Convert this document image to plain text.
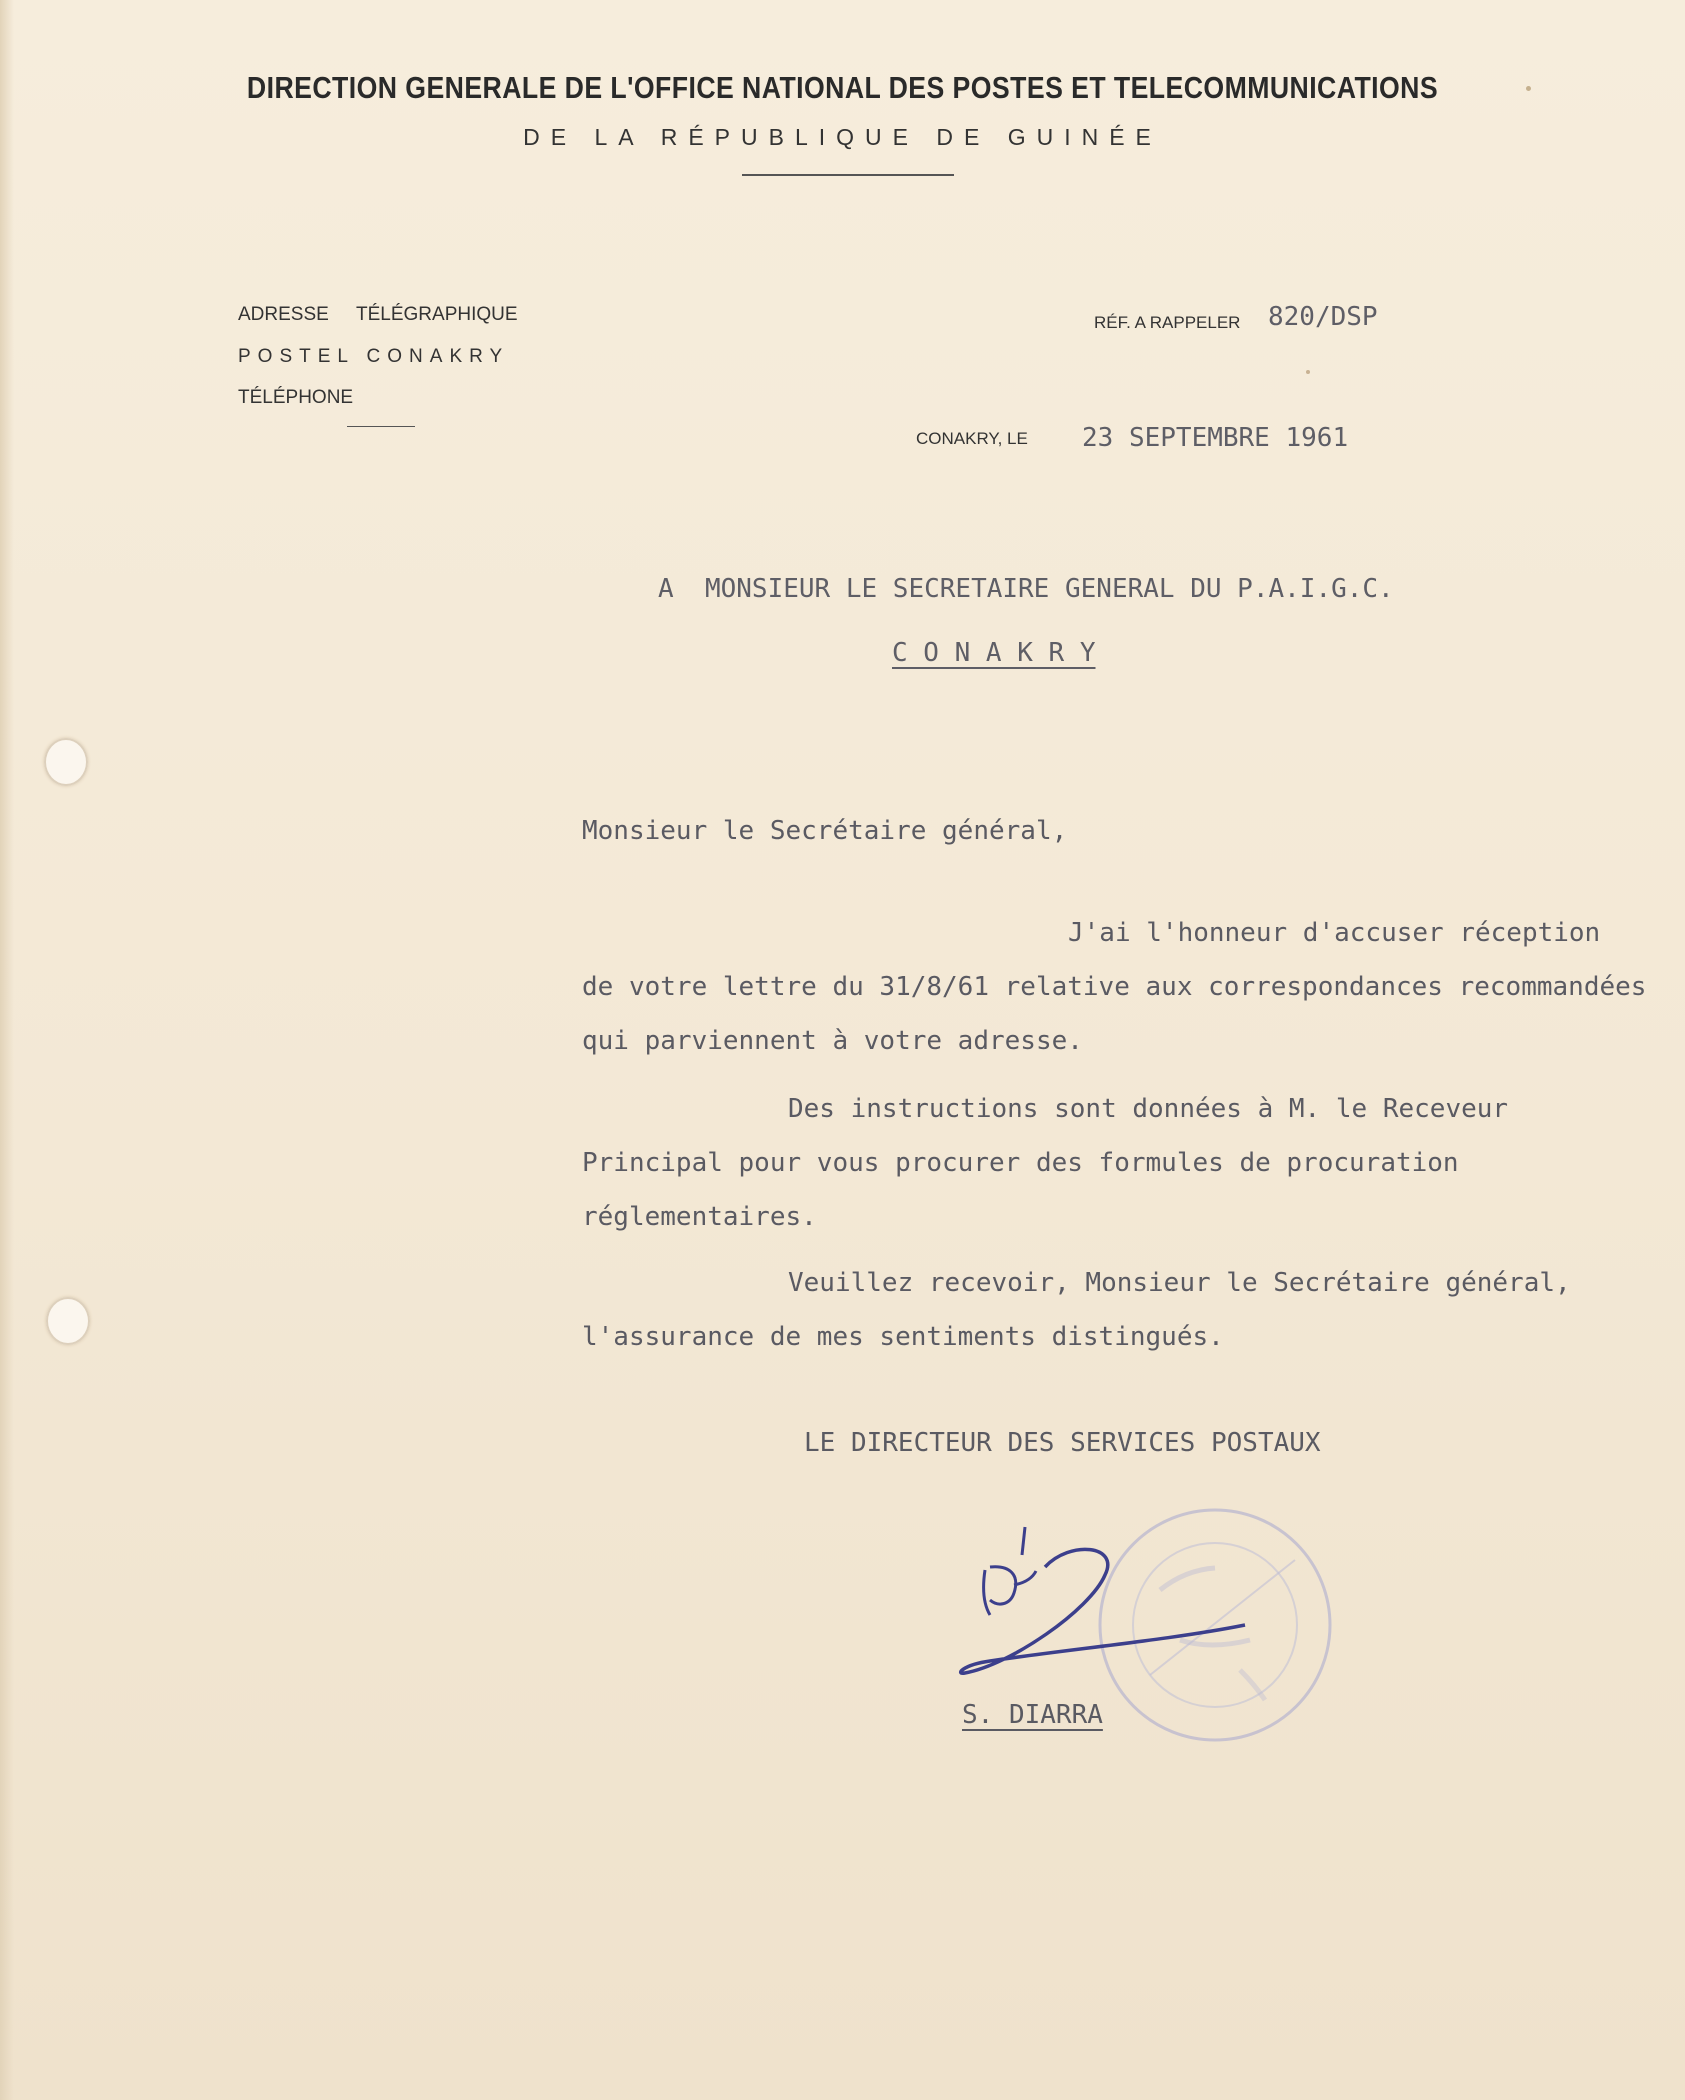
DIRECTION GENERALE DE L'OFFICE NATIONAL DES POSTES ET TELECOMMUNICATIONS
DE LA RÉPUBLIQUE DE GUINÉE
ADRESSE TÉLÉGRAPHIQUE
POSTEL CONAKRY
TÉLÉPHONE
RÉF. A RAPPELER 820/DSP
CONAKRY, LE 23 SEPTEMBRE 1961
A  MONSIEUR LE SECRETAIRE GENERAL DU P.A.I.G.C.
C O N A K R Y
Monsieur le Secrétaire général,
J'ai l'honneur d'accuser réception
de votre lettre du 31/8/61 relative aux correspondances recommandées
qui parviennent à votre adresse.
Des instructions sont données à M. le Receveur
Principal pour vous procurer des formules de procuration
réglementaires.
Veuillez recevoir, Monsieur le Secrétaire général,
l'assurance de mes sentiments distingués.
LE DIRECTEUR DES SERVICES POSTAUX
S. DIARRA
